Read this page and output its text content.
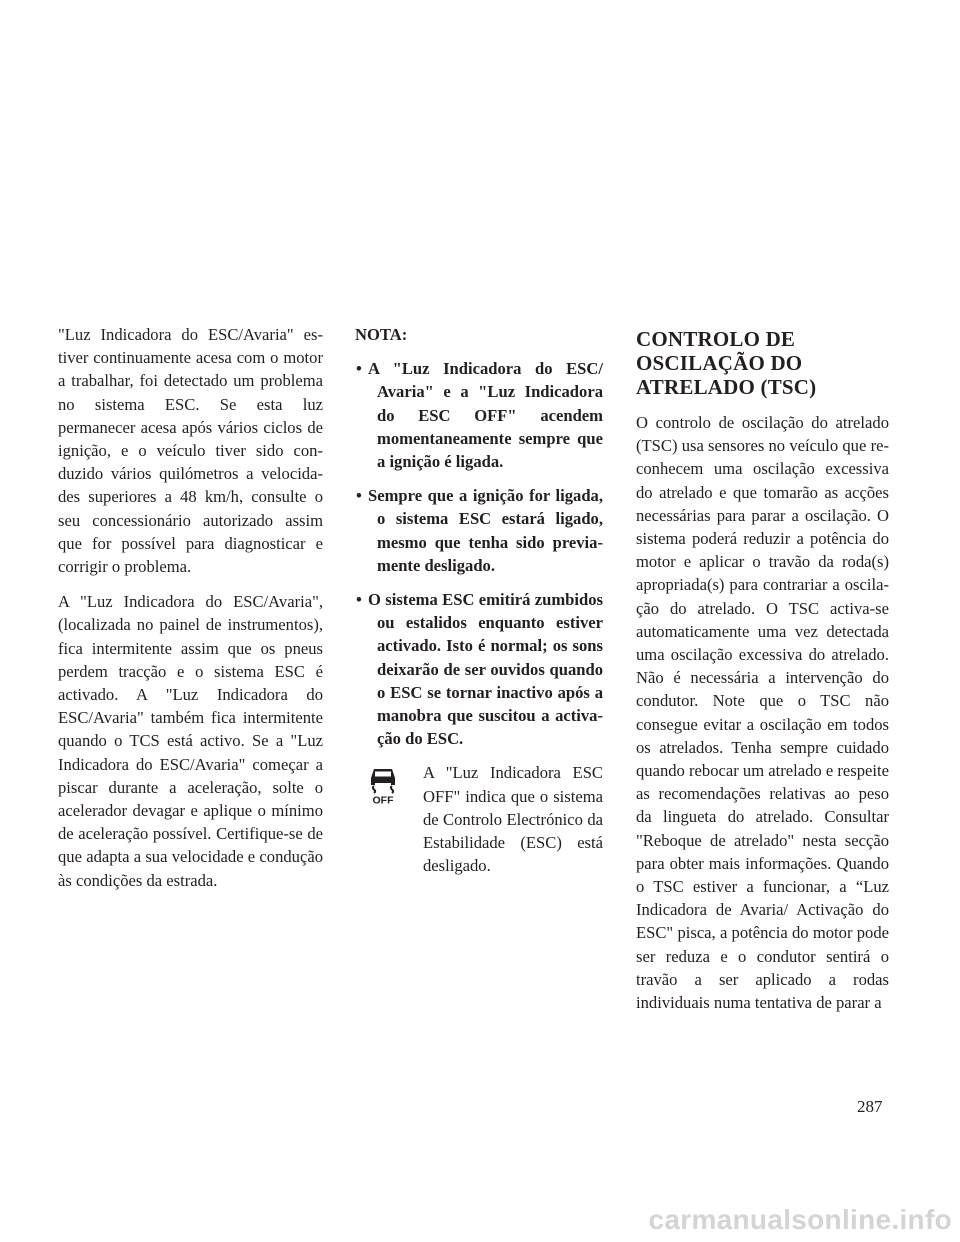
"Luz Indicadora do ESC/Avaria" estiver continuamente acesa com o motor a trabalhar, foi detectado um problema no sistema ESC. Se esta luz permanecer acesa após vários ciclos de ignição, e o veículo tiver sido conduzido vários quilómetros a velocidades superiores a 48 km/h, consulte o seu concessionário autorizado assim que for possível para diagnosticar e corrigir o problema.

A "Luz Indicadora do ESC/Avaria", (localizada no painel de instrumentos), fica intermitente assim que os pneus perdem tracção e o sistema ESC é activado. A "Luz Indicadora do ESC/Avaria" também fica intermitente quando o TCS está activo. Se a "Luz Indicadora do ESC/Avaria" começar a piscar durante a aceleração, solte o acelerador devagar e aplique o mínimo de aceleração possível. Certifique-se de que adapta a sua velocidade e condução às condições da estrada.

NOTA:
• A "Luz Indicadora do ESC/ Avaria" e a "Luz Indicadora do ESC OFF" acendem momentaneamente sempre que a ignição é ligada.
• Sempre que a ignição for ligada, o sistema ESC estará ligado, mesmo que tenha sido previamente desligado.
• O sistema ESC emitirá zumbidos ou estalidos enquanto estiver activado. Isto é normal; os sons deixarão de ser ouvidos quando o ESC se tornar inactivo após a manobra que suscitou a activação do ESC.
OFF
A "Luz Indicadora ESC OFF" indica que o sistema de Controlo Electrónico da Estabilidade (ESC) está desligado.
CONTROLO DE OSCILAÇÃO DO ATRELADO (TSC)

O controlo de oscilação do atrelado (TSC) usa sensores no veículo que reconhecem uma oscilação excessiva do atrelado e que tomarão as acções necessárias para parar a oscilação. O sistema poderá reduzir a potência do motor e aplicar o travão da roda(s) apropriada(s) para contrariar a oscilação do atrelado. O TSC activa-se automaticamente uma vez detectada uma oscilação excessiva do atrelado. Não é necessária a intervenção do condutor. Note que o TSC não consegue evitar a oscilação em todos os atrelados. Tenha sempre cuidado quando rebocar um atrelado e respeite as recomendações relativas ao peso da lingueta do atrelado. Consultar "Reboque de atrelado" nesta secção para obter mais informações. Quando o TSC estiver a funcionar, a “Luz Indicadora de Avaria/ Activação do ESC" pisca, a potência do motor pode ser reduza e o condutor sentirá o travão a ser aplicado a rodas individuais numa tentativa de parar a

287
carmanualsonline.info
